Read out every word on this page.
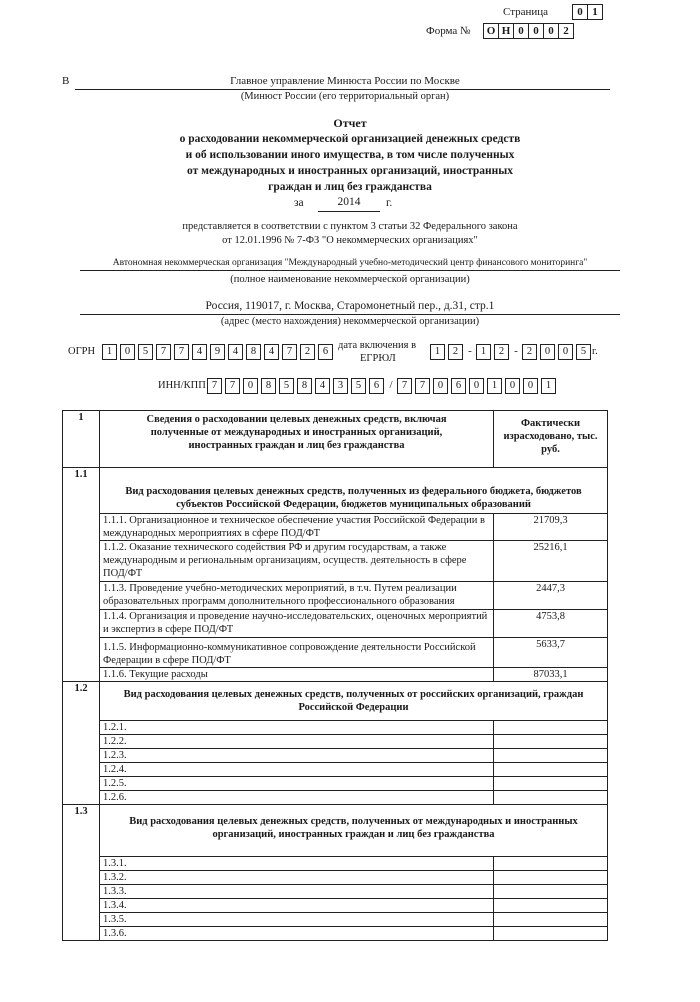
Страница	0 1
Форма №	О Н 0 0 0 2
В	Главное управление Минюста России по Москве
(Минюст России (его территориальный орган)
Отчет
о расходовании некоммерческой организацией денежных средств
и об использовании иного имущества, в том числе полученных
от международных и иностранных организаций, иностранных
граждан и лиц без гражданства
за	2014	г.
представляется в соответствии с пунктом 3 статьи 32 Федерального закона
от 12.01.1996 № 7-ФЗ "О некоммерческих организациях"
Автономная некоммерческая организация "Международный учебно-методический центр финансового мониторинга"
(полное наименование некоммерческой организации)
Россия, 119017, г. Москва, Старомонетный пер., д.31, стр.1
(адрес (место нахождения) некоммерческой организации)
ОГРН	1	0	5	7	7	4	9	4	8	4	7	2	6
дата включения в
ЕГРЮЛ
1	2 - 1	2 - 2	0	0	5 г.
ИНН/КПП 7	7	0	8	5	8	4	3	5	6 / 7	7	0	6	0	1	0	0	1
1	Сведения о расходовании целевых денежных средств, включая полученные от международных и иностранных организаций, иностранных граждан и лиц без гражданства	Фактически израсходовано, тыс. руб.
1.1	Вид расходования целевых денежных средств, полученных из федерального бюджета, бюджетов субъектов Российской Федерации, бюджетов муниципальных образований	
	1.1.1. Организационное и техническое обеспечение участия Российской Федерации в международных мероприятиях в сфере ПОД/ФТ	21709,3
	1.1.2. Оказание технического содействия РФ и другим государствам, а также международным и региональным организациям, осуществ. деятельность в сфере ПОД/ФТ	25216,1
	1.1.3. Проведение учебно-методических мероприятий, в т.ч. Путем реализации образовательных программ дополнительного профессионального образования	2447,3
	1.1.4. Организация и проведение научно-исследовательских, оценочных мероприятий и экспертиз в сфере ПОД/ФТ	4753,8
	1.1.5. Информационно-коммуникативное сопровождение деятельности Российской Федерации в сфере ПОД/ФТ	5633,7
	1.1.6. Текущие расходы	87033,1
1.2	Вид расходования целевых денежных средств, полученных от российских организаций, граждан Российской Федерации	
	1.2.1.	
	1.2.2.	
	1.2.3.	
	1.2.4.	
	1.2.5.	
	1.2.6.	
1.3	Вид расходования целевых денежных средств, полученных от международных и иностранных организаций, иностранных граждан и лиц без гражданства	
	1.3.1.	
	1.3.2.	
	1.3.3.	
	1.3.4.	
	1.3.5.	
	1.3.6.	
